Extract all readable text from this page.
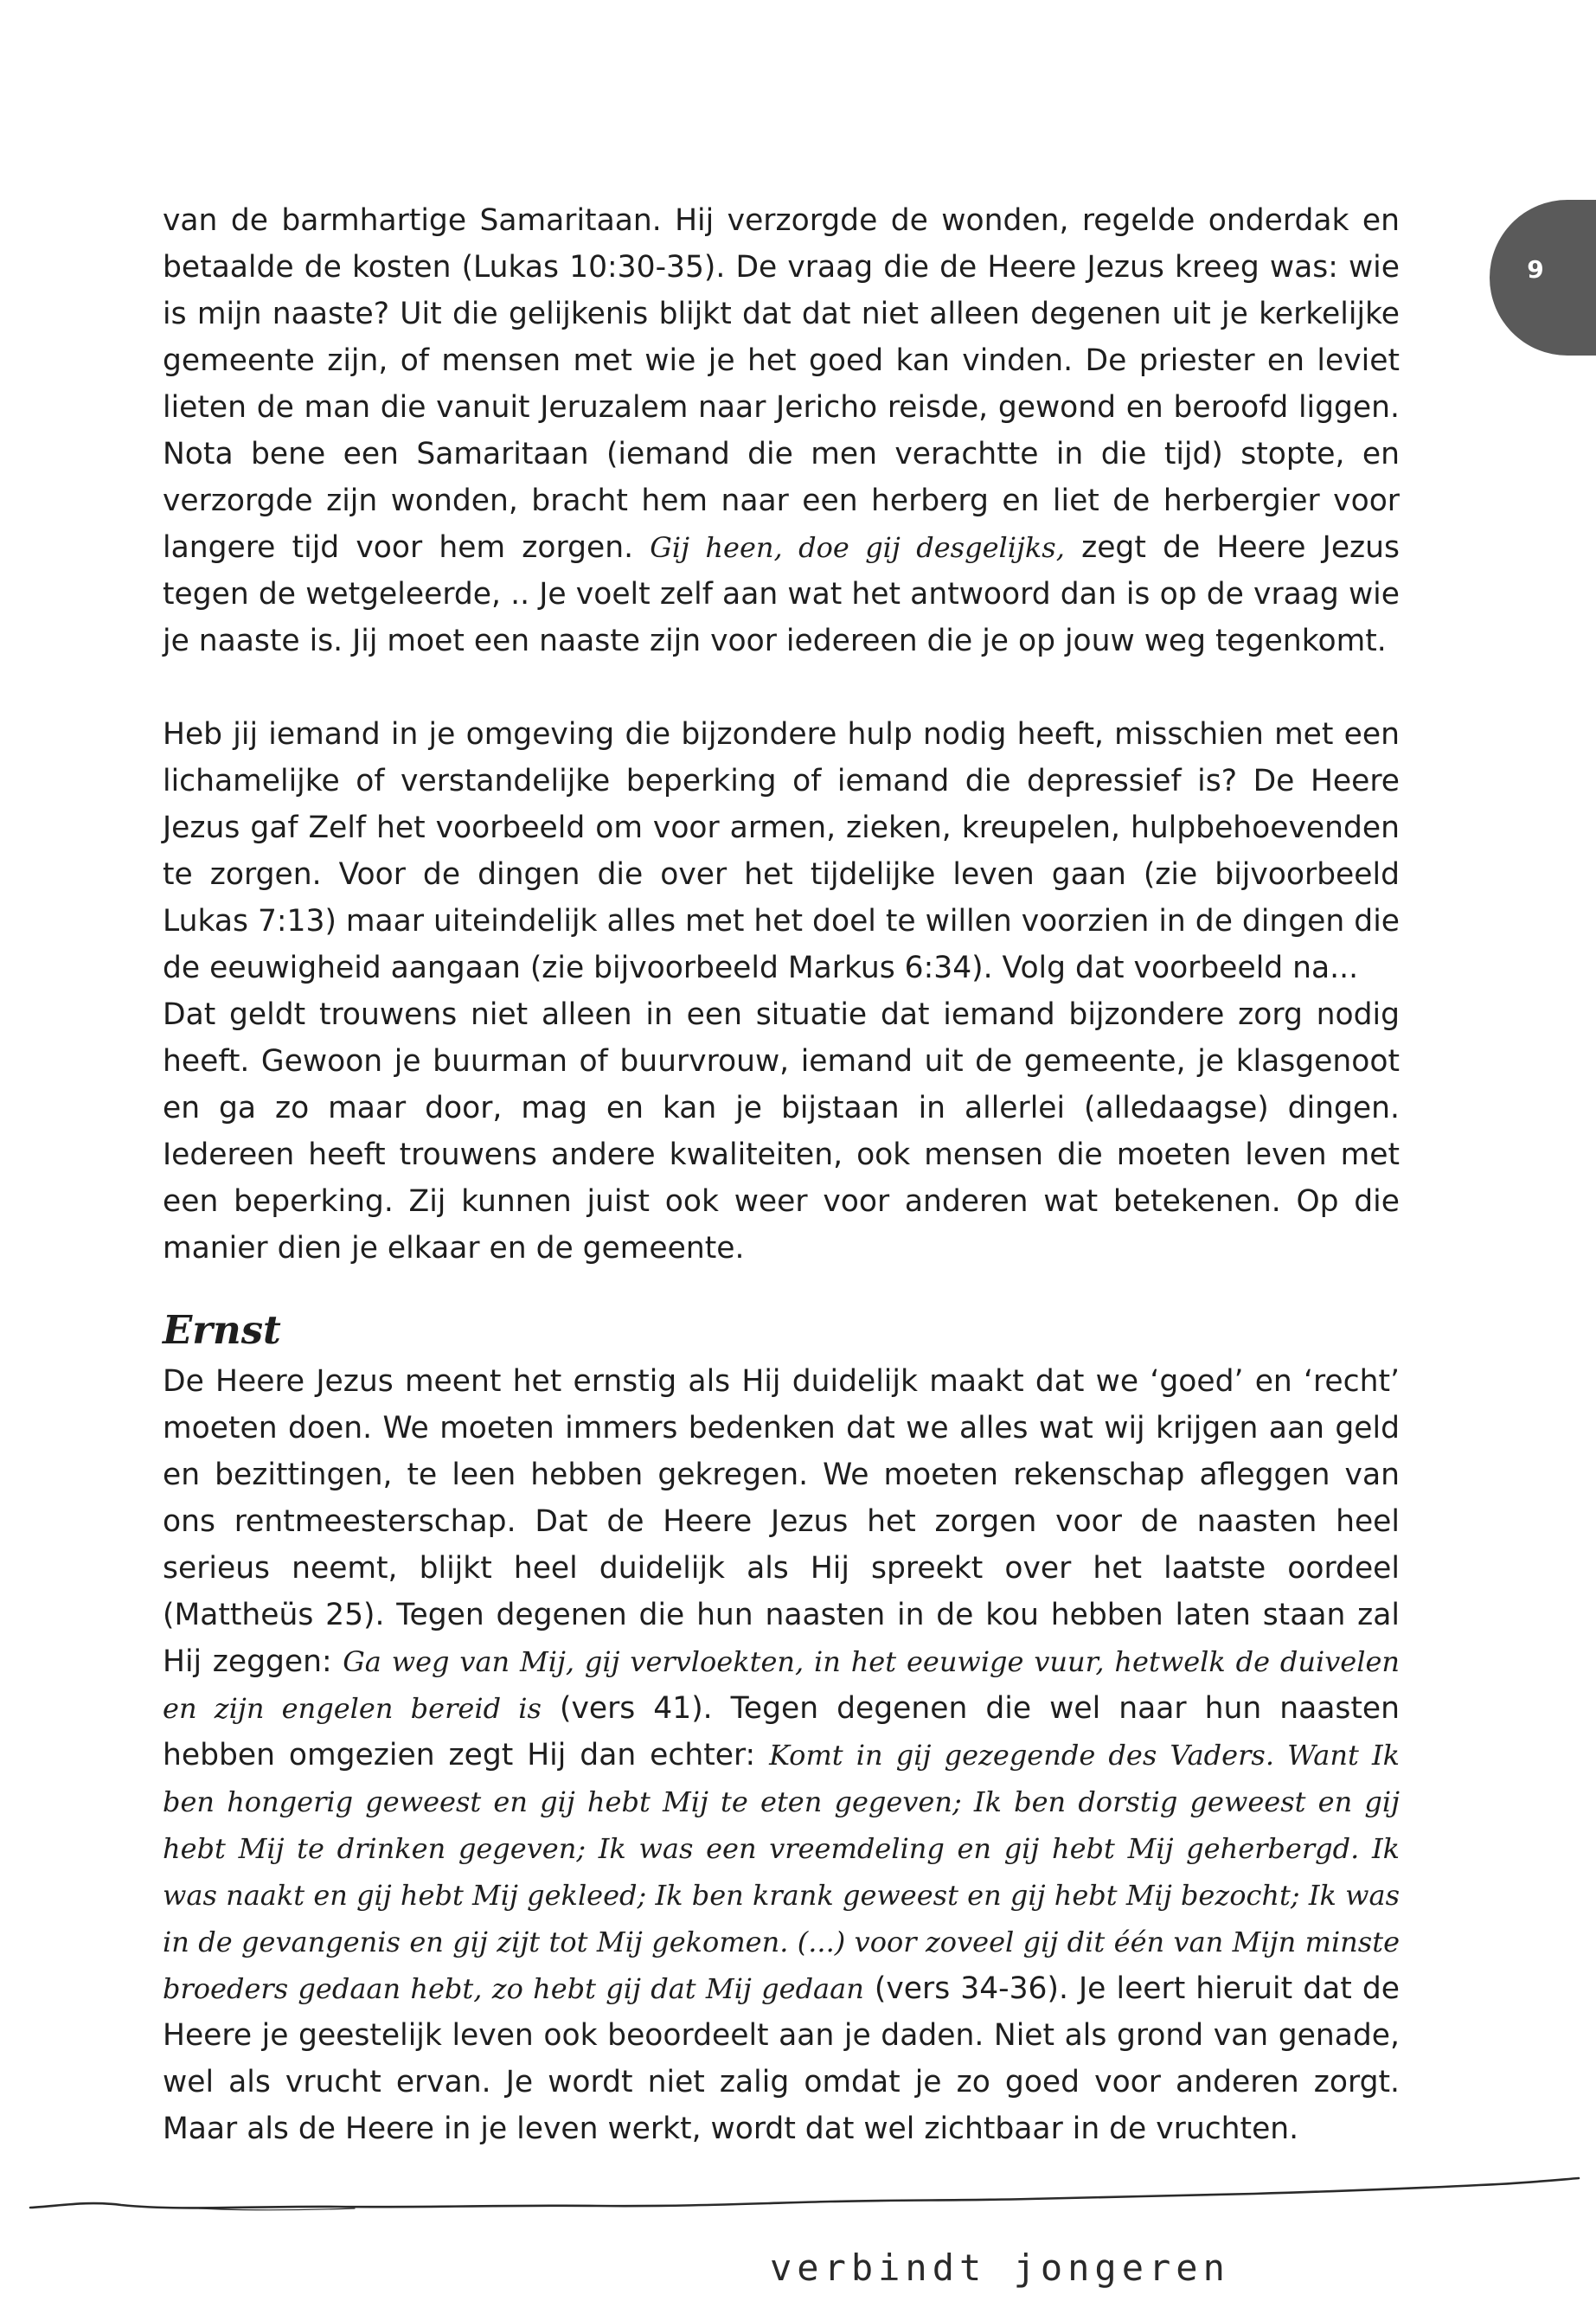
9

van de barmhartige Samaritaan. Hij verzorgde de wonden, regelde onderdak en betaalde de kosten (Lukas 10:30-35). De vraag die de Heere Jezus kreeg was: wie is mijn naaste? Uit die gelijkenis blijkt dat dat niet alleen degenen uit je kerkelijke gemeente zijn, of mensen met wie je het goed kan vinden. De priester en leviet lieten de man die vanuit Jeruzalem naar Jericho reisde, gewond en beroofd liggen. Nota bene een Samaritaan (iemand die men verachtte in die tijd) stopte, en verzorgde zijn wonden, bracht hem naar een herberg en liet de herbergier voor langere tijd voor hem zorgen. Gij heen, doe gij desgelijks, zegt de Heere Jezus tegen de wetgeleerde, .. Je voelt zelf aan wat het antwoord dan is op de vraag wie je naaste is. Jij moet een naaste zijn voor iedereen die je op jouw weg tegenkomt.

Heb jij iemand in je omgeving die bijzondere hulp nodig heeft, misschien met een lichamelijke of verstandelijke beperking of iemand die depressief is? De Heere Jezus gaf Zelf het voorbeeld om voor armen, zieken, kreupelen, hulpbehoevenden te zorgen. Voor de dingen die over het tijdelijke leven gaan (zie bijvoorbeeld Lukas 7:13) maar uiteindelijk alles met het doel te willen voorzien in de dingen die de eeuwigheid aangaan (zie bijvoorbeeld Markus 6:34). Volg dat voorbeeld na...

Dat geldt trouwens niet alleen in een situatie dat iemand bijzondere zorg nodig heeft. Gewoon je buurman of buurvrouw, iemand uit de gemeente, je klasgenoot en ga zo maar door, mag en kan je bijstaan in allerlei (alledaagse) dingen. Iedereen heeft trouwens andere kwaliteiten, ook mensen die moeten leven met een beperking. Zij kunnen juist ook weer voor anderen wat betekenen. Op die manier dien je elkaar en de gemeente.

Ernst

De Heere Jezus meent het ernstig als Hij duidelijk maakt dat we ‘goed’ en ‘recht’ moeten doen. We moeten immers bedenken dat we alles wat wij krijgen aan geld en bezittingen, te leen hebben gekregen. We moeten rekenschap afleggen van ons rentmeesterschap. Dat de Heere Jezus het zorgen voor de naasten heel serieus neemt, blijkt heel duidelijk als Hij spreekt over het laatste oordeel (Mattheüs 25). Tegen degenen die hun naasten in de kou hebben laten staan zal Hij zeggen: Ga weg van Mij, gij vervloekten, in het eeuwige vuur, hetwelk de duivelen en zijn engelen bereid is (vers 41). Tegen degenen die wel naar hun naasten hebben omgezien zegt Hij dan echter: Komt in gij gezegende des Vaders. Want Ik ben hongerig geweest en gij hebt Mij te eten gegeven; Ik ben dorstig geweest en gij hebt Mij te drinken gegeven; Ik was een vreemdeling en gij hebt Mij geherbergd. Ik was naakt en gij hebt Mij gekleed; Ik ben krank geweest en gij hebt Mij bezocht; Ik was in de gevangenis en gij zijt tot Mij gekomen. (...) voor zoveel gij dit één van Mijn minste broeders gedaan hebt, zo hebt gij dat Mij gedaan (vers 34-36). Je leert hieruit dat de Heere je geestelijk leven ook beoordeelt aan je daden. Niet als grond van genade, wel als vrucht ervan. Je wordt niet zalig omdat je zo goed voor anderen zorgt. Maar als de Heere in je leven werkt, wordt dat wel zichtbaar in de vruchten.

verbindt jongeren
